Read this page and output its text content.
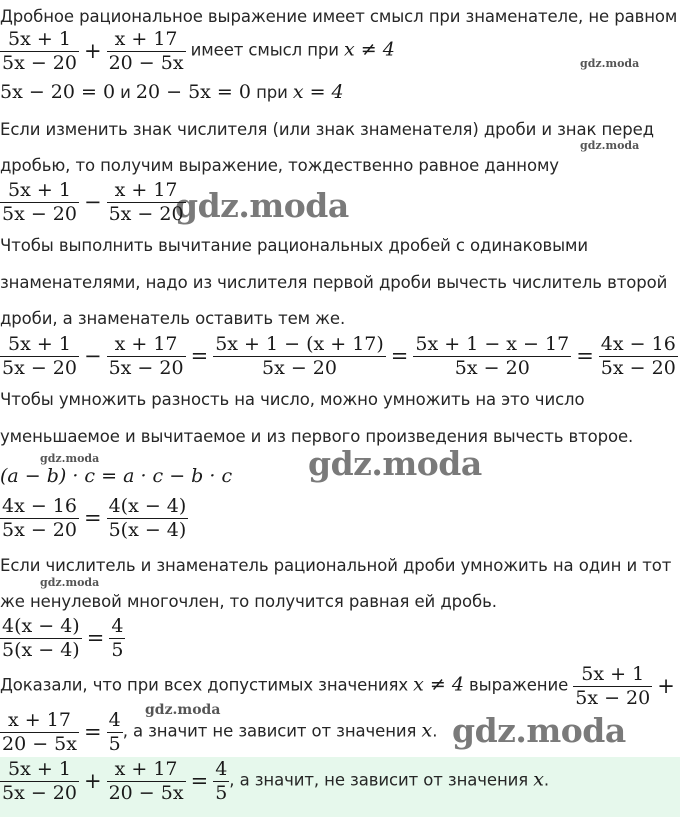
gdz.moda
gdz.moda
gdz.moda
gdz.moda
gdz.moda
gdz.moda
gdz.moda
gdz.moda
Дробное рациональное выражение имеет смысл при знаменателе, не равном
$\frac{5x + 1}{5x - 20} + \frac{x + 17}{20 - 5x}$ имеет смысл при x ≠ 4
5x − 20 = 0 и 20 − 5x = 0 при x = 4
Если изменить знак числителя (или знак знаменателя) дроби и знак перед
дробью, то получим выражение, тождественно равное данному
$\frac{5x + 1}{5x - 20} - \frac{x + 17}{5x - 20}$
Чтобы выполнить вычитание рациональных дробей с одинаковыми
знаменателями, надо из числителя первой дроби вычесть числитель второй
дроби, а знаменатель оставить тем же.
$\frac{5x + 1}{5x - 20} - \frac{x + 17}{5x - 20} = \frac{5x + 1 - (x + 17)}{5x - 20} = \frac{5x + 1 - x - 17}{5x - 20} = \frac{4x - 16}{5x - 20}$
Чтобы умножить разность на число, можно умножить на это число
уменьшаемое и вычитаемое и из первого произведения вычесть второе.
(a − b) · c = a · c − b · c
$\frac{4x - 16}{5x - 20} = \frac{4(x - 4)}{5(x - 4)}$
Если числитель и знаменатель рациональной дроби умножить на один и тот
же ненулевой многочлен, то получится равная ей дробь.
$\frac{4(x - 4)}{5(x - 4)} = \frac{4}{5}$
Доказали, что при всех допустимых значениях x ≠ 4 выражение $\frac{5x + 1}{5x - 20}$ +
$\frac{x + 17}{20 - 5x} = \frac{4}{5}$ , а значит не зависит от значения x.
$\frac{5x + 1}{5x - 20} + \frac{x + 17}{20 - 5x} = \frac{4}{5}$ , а значит, не зависит от значения x.
